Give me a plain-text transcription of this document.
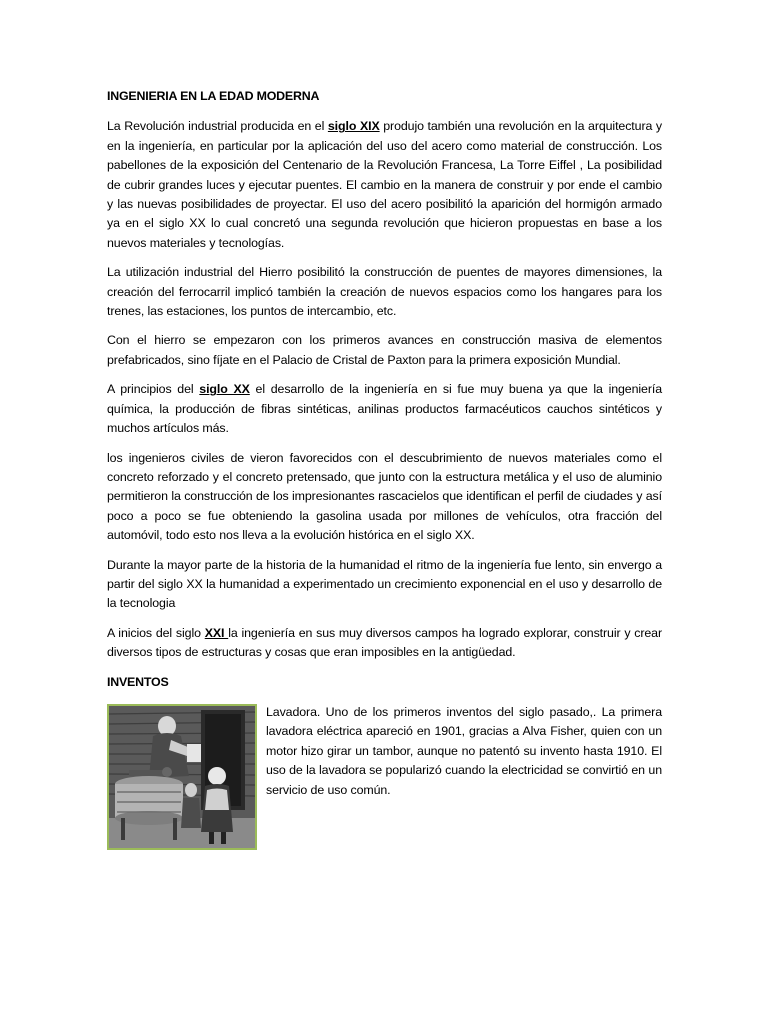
INGENIERIA EN LA EDAD MODERNA

La Revolución industrial producida en el siglo XIX produjo también una revolución en la arquitectura y en la ingeniería, en particular por la aplicación del uso del acero como material de construcción. Los pabellones de la exposición del Centenario de la Revolución Francesa, La Torre Eiffel , La posibilidad de cubrir grandes luces y ejecutar puentes. El cambio en la manera de construir y por ende el cambio y las nuevas posibilidades de proyectar. El uso del acero posibilitó la aparición del hormigón armado ya en el siglo XX lo cual concretó una segunda revolución que hicieron propuestas en base a los nuevos materiales y tecnologías.

La utilización industrial del Hierro posibilitó la construcción de puentes de mayores dimensiones, la creación del ferrocarril implicó también la creación de nuevos espacios como los hangares para los trenes, las estaciones, los puntos de intercambio, etc.

Con el hierro se empezaron con los primeros avances en construcción masiva de elementos prefabricados, sino fíjate en el Palacio de Cristal de Paxton para la primera exposición Mundial.

A principios del siglo XX el desarrollo de la ingeniería en si fue muy buena ya que la ingeniería química, la producción de fibras sintéticas, anilinas productos farmacéuticos cauchos sintéticos y muchos artículos más.

los ingenieros civiles de vieron favorecidos con el descubrimiento de nuevos materiales como el concreto reforzado y el concreto pretensado, que junto con la estructura metálica y el uso de aluminio permitieron la construcción de los impresionantes rascacielos que identifican el perfil de ciudades y así poco a poco se fue obteniendo la gasolina usada por millones de vehículos, otra fracción del automóvil, todo esto nos lleva a la evolución histórica en el siglo XX.

Durante la mayor parte de la historia de la humanidad el ritmo de la ingeniería fue lento, sin envergo a partir del siglo XX la humanidad a experimentado un crecimiento exponencial en el uso y desarrollo de la tecnologia

A inicios del siglo XXI la ingeniería en sus muy diversos campos ha logrado explorar, construir y crear diversos tipos de estructuras y cosas que eran imposibles en la antigüedad.

INVENTOS

Lavadora. Uno de los primeros inventos del siglo pasado,. La primera lavadora eléctrica apareció en 1901, gracias a Alva Fisher, quien con un motor hizo girar un tambor, aunque no patentó su invento hasta 1910. El uso de la lavadora se popularizó cuando la electricidad se convirtió en un servicio de uso común.
